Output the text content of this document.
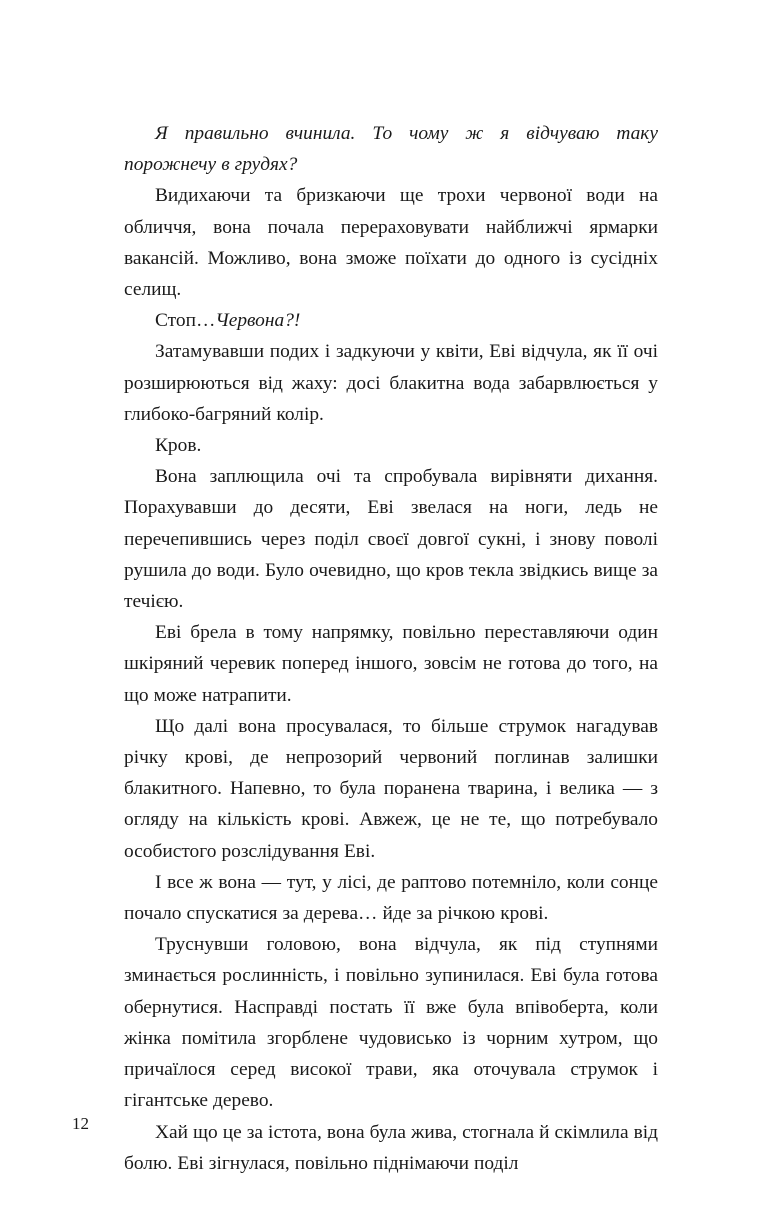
Я правильно вчинила. То чому ж я відчуваю таку порожнечу в грудях?

Видихаючи та бризкаючи ще трохи червоної води на обличчя, вона почала перераховувати найближчі ярмарки вакансій. Можливо, вона зможе поїхати до одного із сусідніх селищ.

Стоп…Червона?!

Затамувавши подих і задкуючи у квіти, Еві відчула, як її очі розширюються від жаху: досі блакитна вода забарвлюється у глибоко-багряний колір.

Кров.

Вона заплющила очі та спробувала вирівняти дихання. Порахувавши до десяти, Еві звелася на ноги, ледь не перечепившись через поділ своєї довгої сукні, і знову поволі рушила до води. Було очевидно, що кров текла звідкись вище за течією.

Еві брела в тому напрямку, повільно переставляючи один шкіряний черевик поперед іншого, зовсім не готова до того, на що може натрапити.

Що далі вона просувалася, то більше струмок нагадував річку крові, де непрозорий червоний поглинав залишки блакитного. Напевно, то була поранена тварина, і велика — з огляду на кількість крові. Авжеж, це не те, що потребувало особистого розслідування Еві.

І все ж вона — тут, у лісі, де раптово потемніло, коли сонце почало спускатися за дерева… йде за річкою крові.

Труснувши головою, вона відчула, як під ступнями зминається рослинність, і повільно зупинилася. Еві була готова обернутися. Насправді постать її вже була впівоберта, коли жінка помітила згорблене чудовисько із чорним хутром, що причаїлося серед високої трави, яка оточувала струмок і гігантське дерево.

Хай що це за істота, вона була жива, стогнала й скімлила від болю. Еві зігнулася, повільно піднімаючи поділ

12
